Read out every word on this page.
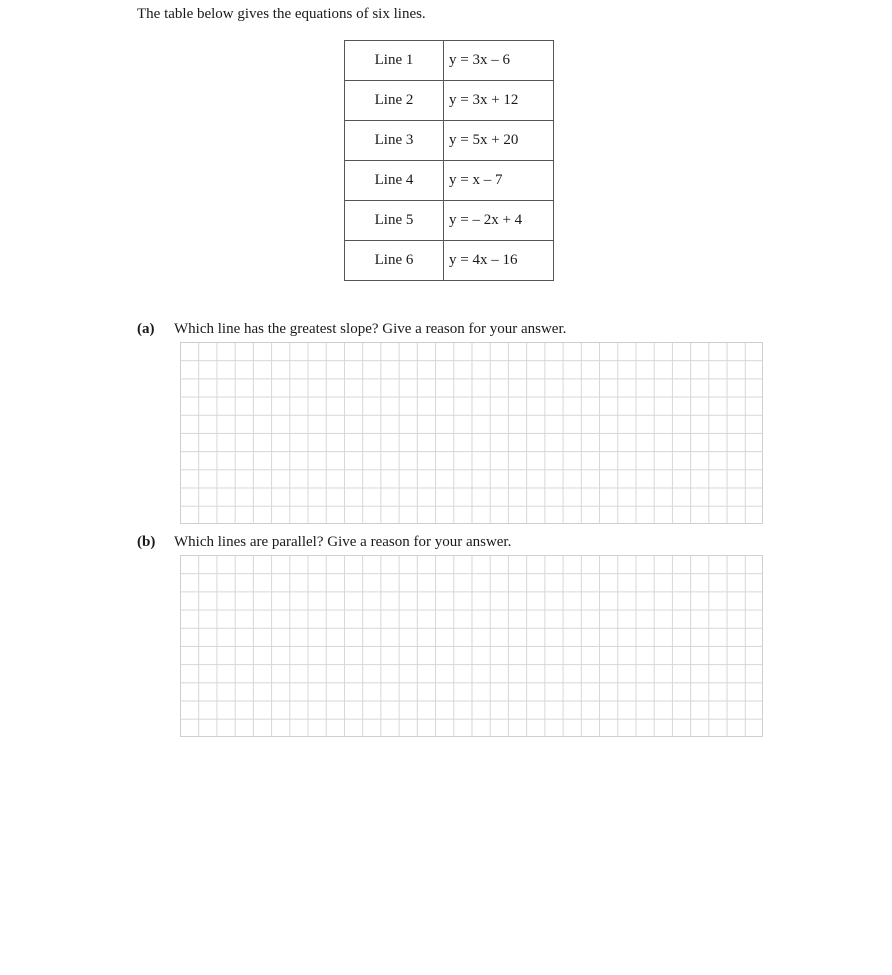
The table below gives the equations of six lines.
Line 1	y = 3x – 6
Line 2	y = 3x + 12
Line 3	y = 5x + 20
Line 4	y = x – 7
Line 5	y = – 2x + 4
Line 6	y = 4x – 16
(a) Which line has the greatest slope? Give a reason for your answer.
(b) Which lines are parallel? Give a reason for your answer.
